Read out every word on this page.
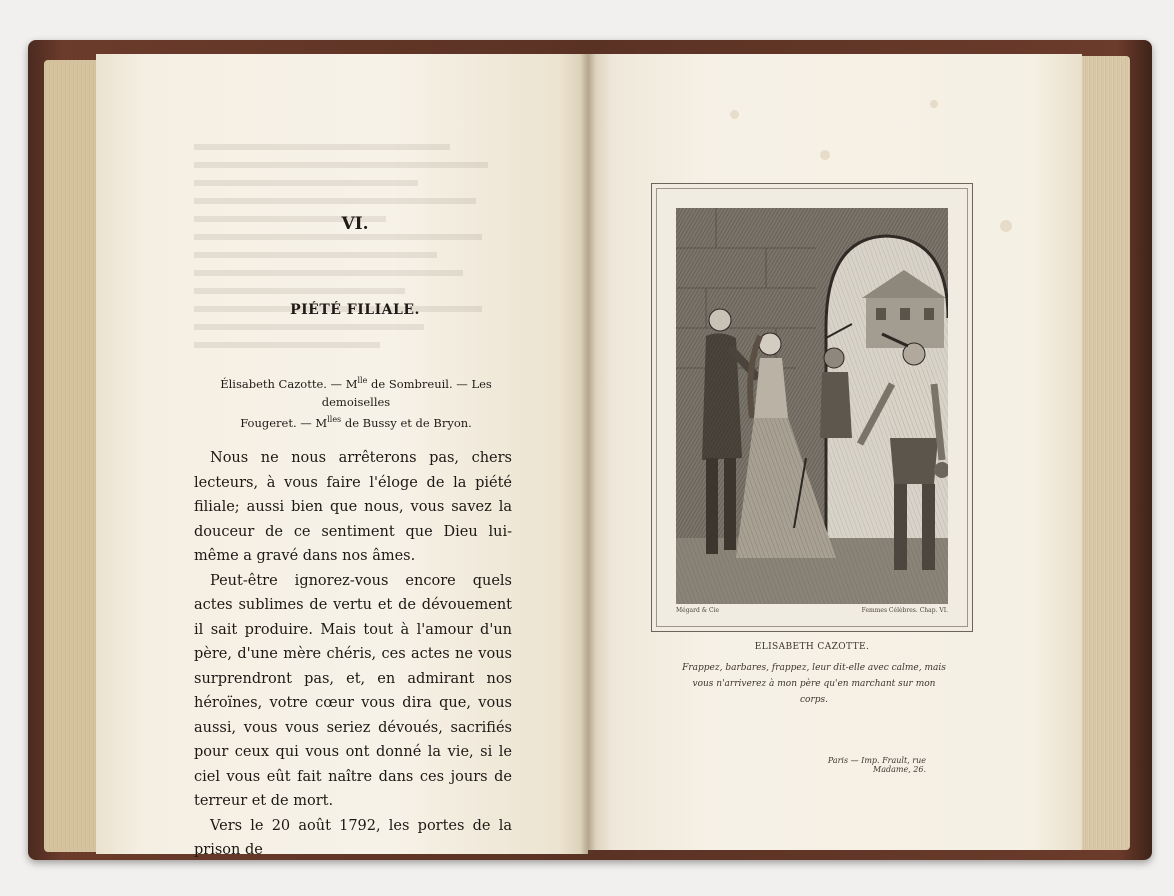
VI.
PIÉTÉ FILIALE.
Élisabeth Cazotte. — $M^{lle}$ de Sombreuil. — Les demoiselles
Fougeret. — $M^{lles}$ de Bussy et de Bryon.

Nous ne nous arrêterons pas, chers lecteurs, à vous faire l'éloge de la piété filiale; aussi bien que nous, vous savez la douceur de ce sentiment que Dieu lui-même a gravé dans nos âmes.

Peut-être ignorez-vous encore quels actes sublimes de vertu et de dévouement il sait produire. Mais tout à l'amour d'un père, d'une mère chéris, ces actes ne vous surprendront pas, et, en admirant nos héroïnes, votre cœur vous dira que, vous aussi, vous vous seriez dévoués, sacrifiés pour ceux qui vous ont donné la vie, si le ciel vous eût fait naître dans ces jours de terreur et de mort.

Vers le 20 août 1792, les portes de la prison de

Mégard & Cie	Femmes Célèbres. Chap. VI.
ELISABETH CAZOTTE.
Frappez, barbares, frappez, leur dit-elle avec calme, mais
vous n'arriverez à mon père qu'en marchant sur mon corps.
Paris — Imp. Frault, rue Madame, 26.
